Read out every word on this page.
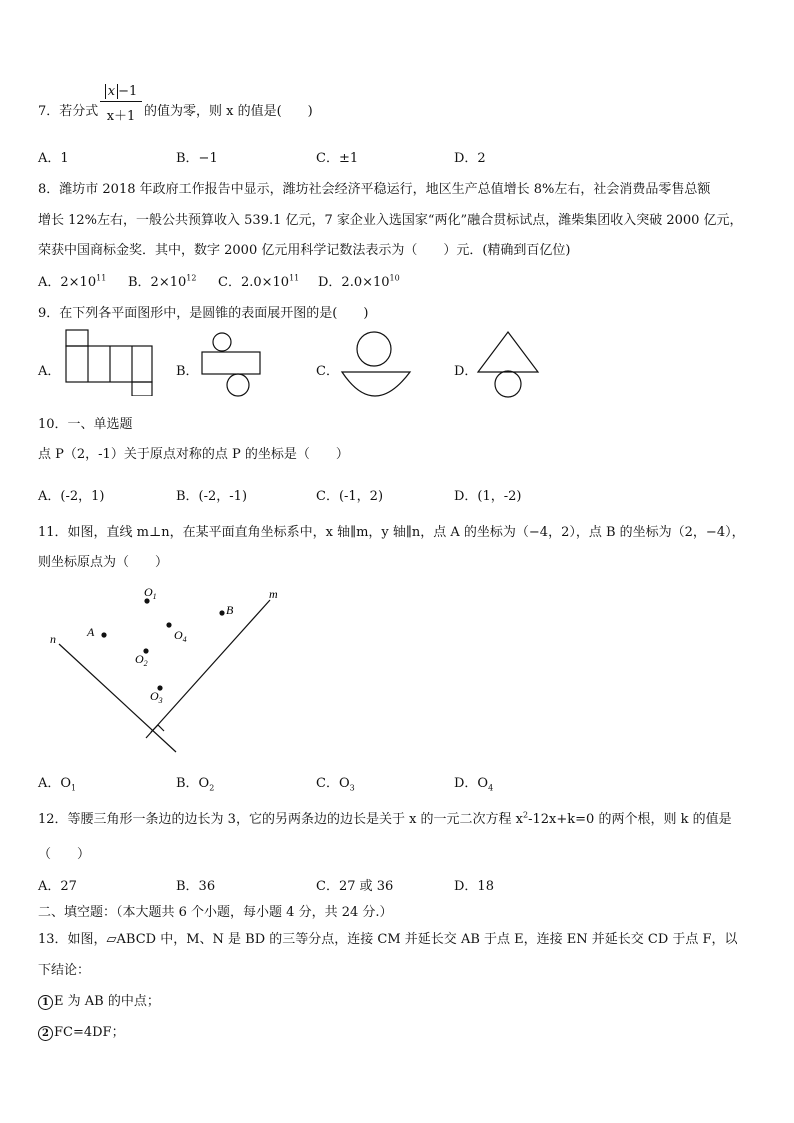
7．若分式 $\frac{x -1}{x+1}$ 的值为零，则 x 的值是(　　)
A．1	B．−1	C．±1	D．2
8．潍坊市 2018 年政府工作报告中显示，潍坊社会经济平稳运行，地区生产总值增长 8%左右，社会消费品零售总额
增长 12%左右，一般公共预算收入 539.1 亿元，7 家企业入选国家“两化”融合贯标试点，潍柴集团收入突破 2000 亿元，
荣获中国商标金奖．其中，数字 2000 亿元用科学记数法表示为（　　）元．(精确到百亿位)
A．$2\times 10^{11}$ B．$2\times 10^{12}$ C．$2.0\times 10^{11}$ D．$2.0\times 10^{10}$
9．在下列各平面图形中，是圆锥的表面展开图的是(　　)
A．	B．	C．	D．
10．一、单选题
点 P（2，-1）关于原点对称的点 P 的坐标是（　　）
A．(-2，1)	B．(-2，-1)	C．(-1，2)	D．(1，-2)
11．如图，直线 m⊥n，在某平面直角坐标系中，x 轴∥m，y 轴∥n，点 A 的坐标为（−4，2），点 B 的坐标为（2，−4），
则坐标原点为（　　）
n
m
A
B
$O_1$
$O_4$
$O_2$
$O_3$
A．$O_1$	B．$O_2$	C．$O_3$	D．$O_4$
12．等腰三角形一条边的边长为 3，它的另两条边的边长是关于 x 的一元二次方程 $x^2-12x+k=0$ 的两个根，则 k 的值是
（　　）
A．27	B．36	C．27 或 36	D．18
二、填空题：（本大题共 6 个小题，每小题 4 分，共 24 分.）
13．如图，▱ABCD 中，M、N 是 BD 的三等分点，连接 CM 并延长交 AB 于点 E，连接 EN 并延长交 CD 于点 F，以
下结论：
1 E 为 AB 的中点；
2 FC=4DF；
